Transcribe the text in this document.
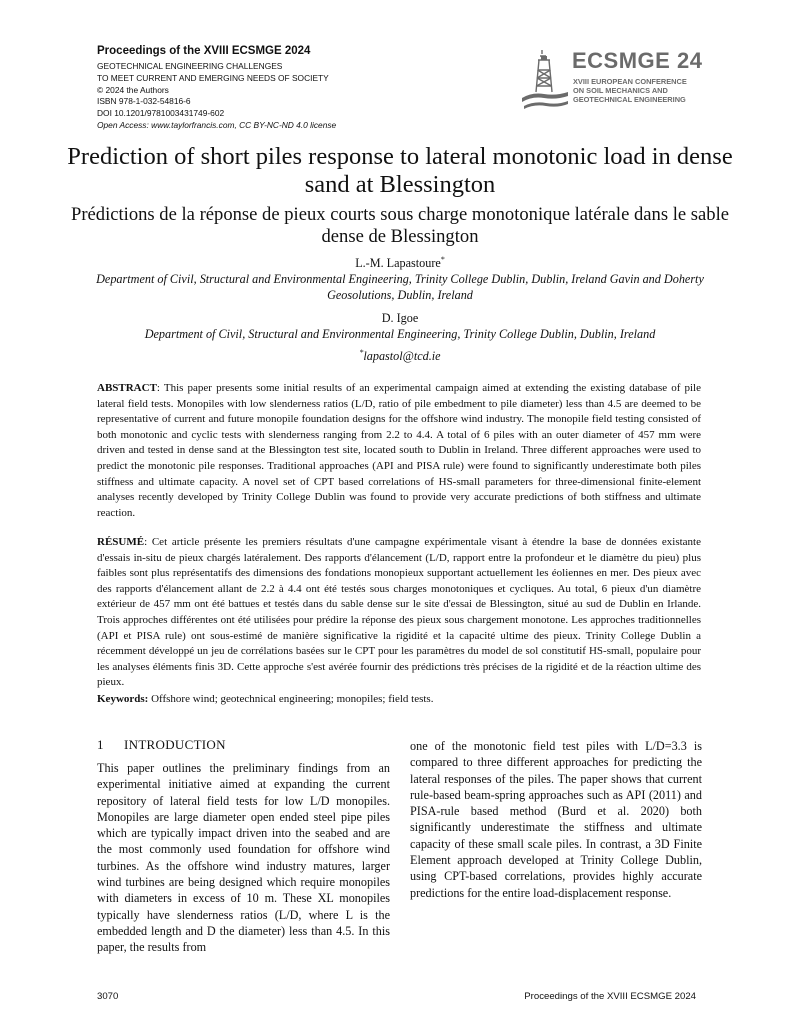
Proceedings of the XVIII ECSMGE 2024
GEOTECHNICAL ENGINEERING CHALLENGES
TO MEET CURRENT AND EMERGING NEEDS OF SOCIETY
© 2024 the Authors
ISBN 978-1-032-54816-6
DOI 10.1201/9781003431749-602
Open Access: www.taylorfrancis.com, CC BY-NC-ND 4.0 license
ECSMGE 24
XVIII EUROPEAN CONFERENCE
ON SOIL MECHANICS AND
GEOTECHNICAL ENGINEERING
Prediction of short piles response to lateral monotonic load in dense sand at Blessington
Prédictions de la réponse de pieux courts sous charge monotonique latérale dans le sable dense de Blessington
L.-M. Lapastoure*
Department of Civil, Structural and Environmental Engineering, Trinity College Dublin, Dublin, Ireland Gavin and Doherty Geosolutions, Dublin, Ireland
D. Igoe
Department of Civil, Structural and Environmental Engineering, Trinity College Dublin, Dublin, Ireland
*lapastol@tcd.ie
ABSTRACT: This paper presents some initial results of an experimental campaign aimed at extending the existing database of pile lateral field tests. Monopiles with low slenderness ratios (L/D, ratio of pile embedment to pile diameter) less than 4.5 are deemed to be representative of current and future monopile foundation designs for the offshore wind industry. The monopile field testing consisted of both monotonic and cyclic tests with slenderness ranging from 2.2 to 4.4. A total of 6 piles with an outer diameter of 457 mm were driven and tested in dense sand at the Blessington test site, located south to Dublin in Ireland. Three different approaches were used to predict the monotonic pile responses. Traditional approaches (API and PISA rule) were found to significantly underestimate both piles stiffness and ultimate capacity. A novel set of CPT based correlations of HS-small parameters for three-dimensional finite-element analyses recently developed by Trinity College Dublin was found to provide very accurate predictions of both stiffness and ultimate reaction.
RÉSUMÉ: Cet article présente les premiers résultats d'une campagne expérimentale visant à étendre la base de données existante d'essais in-situ de pieux chargés latéralement. Des rapports d'élancement (L/D, rapport entre la profondeur et le diamètre du pieu) plus faibles sont plus représentatifs des dimensions des fondations monopieux supportant actuellement les éoliennes en mer. Des pieux avec des rapports d'élancement allant de 2.2 à 4.4 ont été testés sous charges monotoniques et cycliques. Au total, 6 pieux d'un diamètre extérieur de 457 mm ont été battues et testés dans du sable dense sur le site d'essai de Blessington, situé au sud de Dublin en Irlande. Trois approches différentes ont été utilisées pour prédire la réponse des pieux sous chargement monotone. Les approches traditionnelles (API et PISA rule) ont sous-estimé de manière significative la rigidité et la capacité ultime des pieux. Trinity College Dublin a récemment développé un jeu de corrélations basées sur le CPT pour les paramètres du model de sol constitutif HS-small, populaire pour les analyses éléments finis 3D. Cette approche s'est avérée fournir des prédictions très précises de la rigidité et de la réaction ultime des pieux.
Keywords: Offshore wind; geotechnical engineering; monopiles; field tests.
1 INTRODUCTION
This paper outlines the preliminary findings from an experimental initiative aimed at expanding the current repository of lateral field tests for low L/D monopiles. Monopiles are large diameter open ended steel pipe piles which are typically impact driven into the seabed and are the most commonly used foundation for offshore wind turbines. As the offshore wind industry matures, larger wind turbines are being designed which require monopiles with diameters in excess of 10 m. These XL monopiles typically have slenderness ratios (L/D, where L is the embedded length and D the diameter) less than 4.5. In this paper, the results from
one of the monotonic field test piles with L/D=3.3 is compared to three different approaches for predicting the lateral responses of the piles. The paper shows that current rule-based beam-spring approaches such as API (2011) and PISA-rule based method (Burd et al. 2020) both significantly underestimate the stiffness and ultimate capacity of these small scale piles. In contrast, a 3D Finite Element approach developed at Trinity College Dublin, using CPT-based correlations, provides highly accurate predictions for the entire load-displacement response.
3070	Proceedings of the XVIII ECSMGE 2024
